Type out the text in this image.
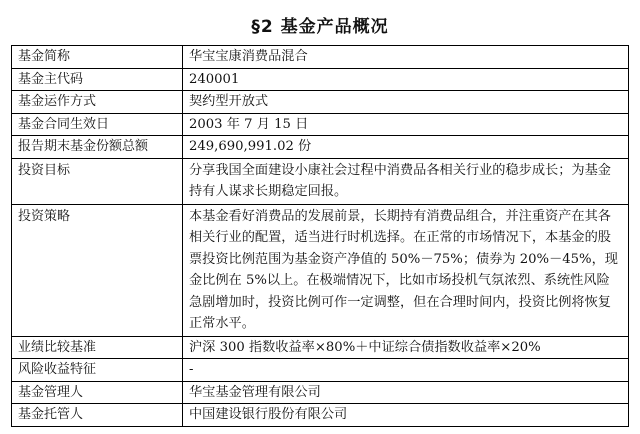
§2 基金产品概况
基金简称	华宝宝康消费品混合
基金主代码	240001
基金运作方式	契约型开放式
基金合同生效日	2003 年 7 月 15 日
报告期末基金份额总额	249,690,991.02 份
投资目标	分享我国全面建设小康社会过程中消费品各相关行业的稳步成长；为基金持有人谋求长期稳定回报。
投资策略	本基金看好消费品的发展前景，长期持有消费品组合，并注重资产在其各相关行业的配置，适当进行时机选择。在正常的市场情况下，本基金的股票投资比例范围为基金资产净值的 50%－75%；债券为 20%－45%，现金比例在 5%以上。在极端情况下，比如市场投机气氛浓烈、系统性风险急剧增加时，投资比例可作一定调整，但在合理时间内，投资比例将恢复正常水平。
业绩比较基准	沪深 300 指数收益率×80%＋中证综合债指数收益率×20%
风险收益特征	-
基金管理人	华宝基金管理有限公司
基金托管人	中国建设银行股份有限公司
